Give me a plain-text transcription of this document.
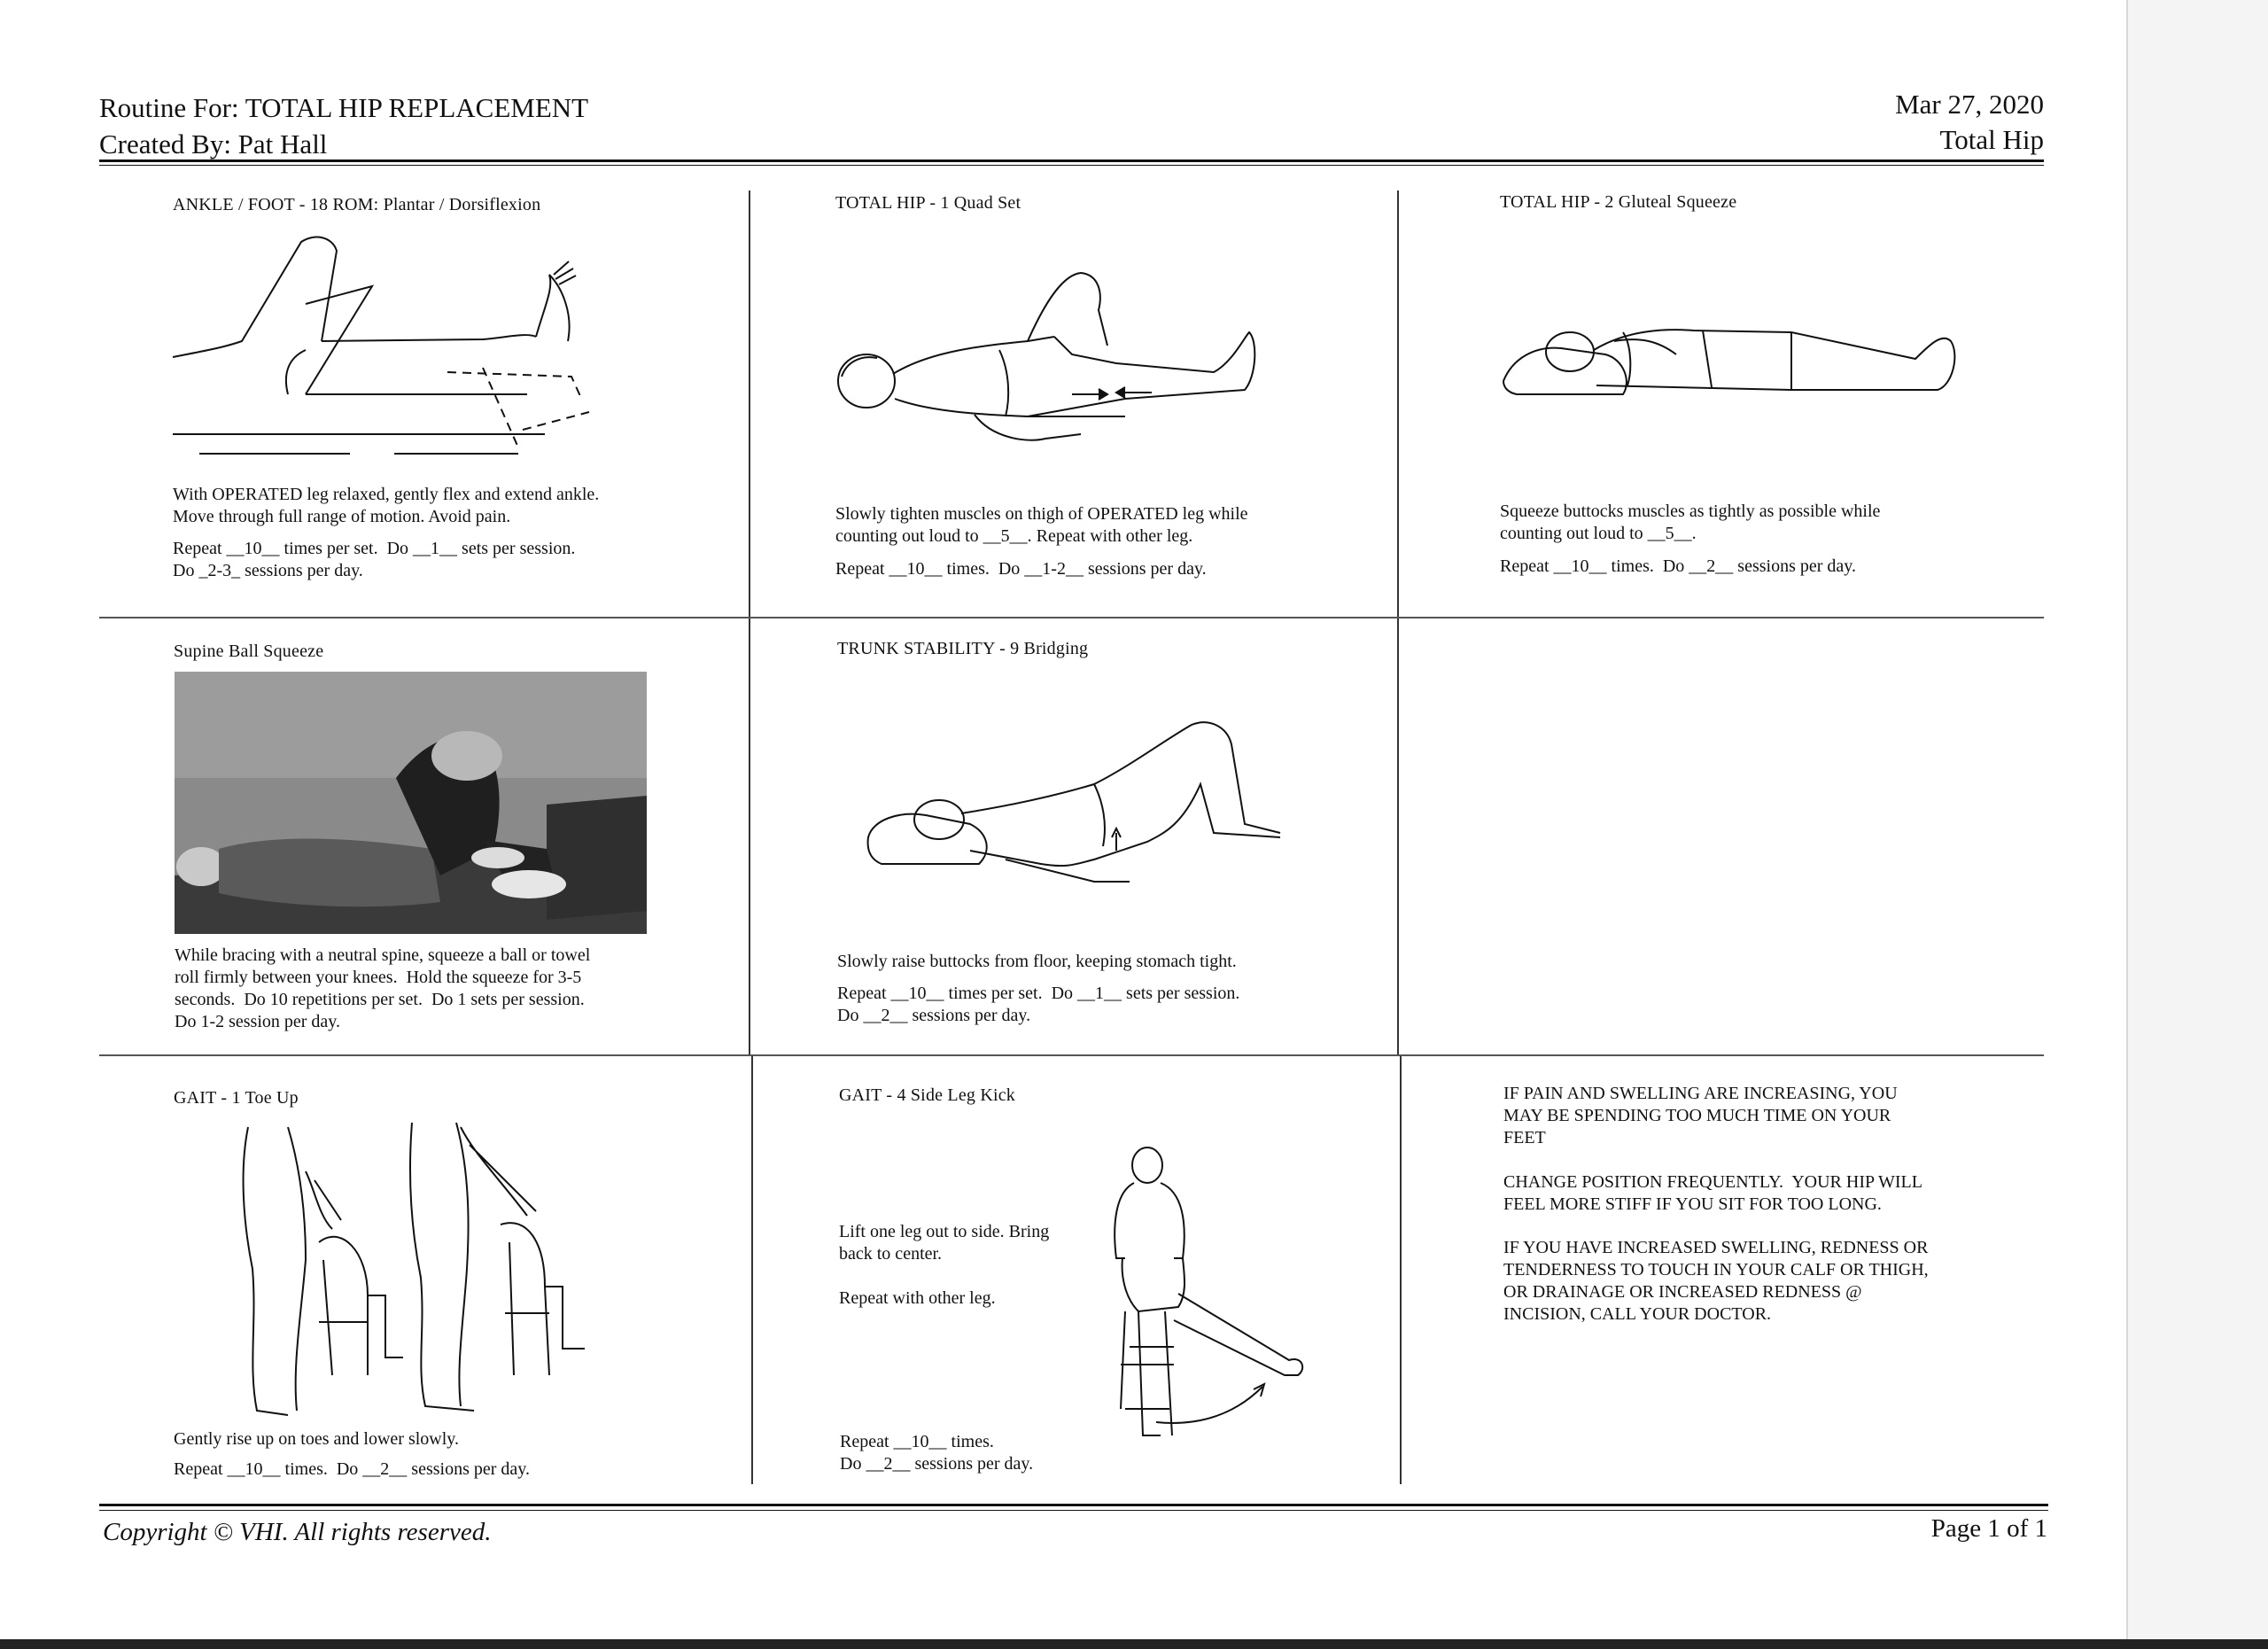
Routine For: TOTAL HIP REPLACEMENT
Created By: Pat Hall
Mar 27, 2020
Total Hip
ANKLE / FOOT - 18 ROM: Plantar / Dorsiflexion
With OPERATED leg relaxed, gently flex and extend ankle.
Move through full range of motion. Avoid pain.
Repeat __10__ times per set.  Do __1__ sets per session.
Do _2-3_ sessions per day.
TOTAL HIP - 1 Quad Set
Slowly tighten muscles on thigh of OPERATED leg while
counting out loud to __5__. Repeat with other leg.
Repeat __10__ times.  Do __1-2__ sessions per day.
TOTAL HIP - 2 Gluteal Squeeze
Squeeze buttocks muscles as tightly as possible while
counting out loud to __5__.
Repeat __10__ times.  Do __2__ sessions per day.
Supine Ball Squeeze
While bracing with a neutral spine, squeeze a ball or towel
roll firmly between your knees.  Hold the squeeze for 3-5
seconds.  Do 10 repetitions per set.  Do 1 sets per session.
Do 1-2 session per day.
TRUNK STABILITY - 9 Bridging
Slowly raise buttocks from floor, keeping stomach tight.
Repeat __10__ times per set.  Do __1__ sets per session.
Do __2__ sessions per day.
GAIT - 1 Toe Up
Gently rise up on toes and lower slowly.
Repeat __10__ times.  Do __2__ sessions per day.
GAIT - 4 Side Leg Kick
Lift one leg out to side. Bring
back to center.

Repeat with other leg.
Repeat __10__ times.
Do __2__ sessions per day.
IF PAIN AND SWELLING ARE INCREASING, YOU
MAY BE SPENDING TOO MUCH TIME ON YOUR
FEET
CHANGE POSITION FREQUENTLY.  YOUR HIP WILL
FEEL MORE STIFF IF YOU SIT FOR TOO LONG.
IF YOU HAVE INCREASED SWELLING, REDNESS OR
TENDERNESS TO TOUCH IN YOUR CALF OR THIGH,
OR DRAINAGE OR INCREASED REDNESS @
INCISION, CALL YOUR DOCTOR.
Copyright © VHI. All rights reserved.	Page 1 of 1
